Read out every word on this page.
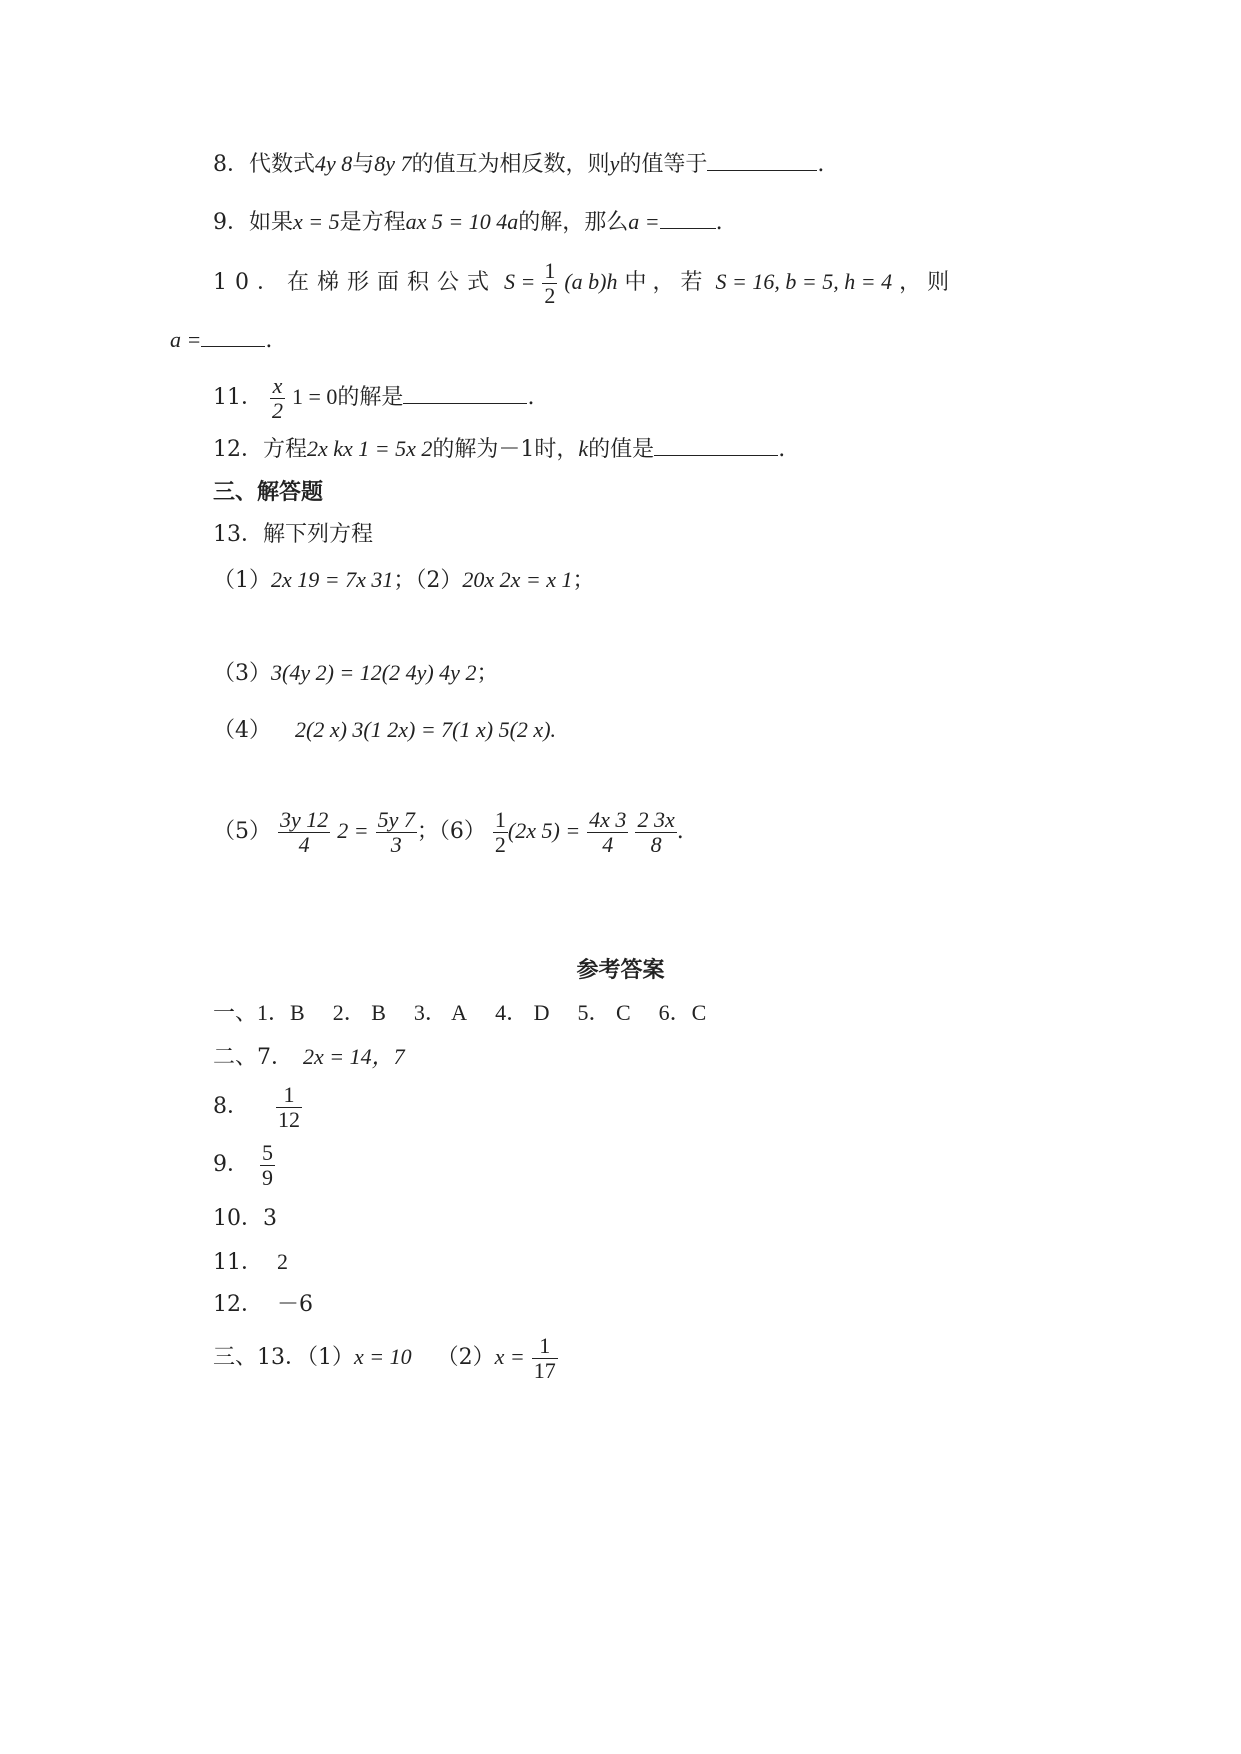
8．代数式4y 8与8y 7的值互为相反数，则y的值等于	.
9．如果x = 5是方程ax 5 = 10 4a的解，那么a =	.
10．在梯形面积公式 $S = \frac{1}{2} (a$ b)h 中，若 S = 16, b = 5, h = 4 ，则
a =	.
11． $\frac{x}{2} 1 = 0$的解是	.
12．方程2x kx 1 = 5x 2的解为－1时，k的值是	.
三、解答题
13．解下列方程
（1）2x 19 = 7x 31；（2）20x 2x = x 1；
（3）3(4y 2) = 12(2 4y) 4y 2；
（4） 2(2 x) 3(1 2x) = 7(1 x) 5(2 x).
$(5) \frac{3y 12}{4} 2 = \frac{5y 7}{3}$ ；$(6) \frac{1}{2} (2x$ $5) = \frac{4x 3}{4}$
$\frac{2 3x}{8}$ .
参考答案
一、1．B 2． B 3． A 4． D 5． C 6．C
二、7． 2x = 14，7
8． $\frac{1}{12}$
9． $\frac{5}{9}$
10．3
11． 2
12． －6
三、13．（1）x = 10 $(2)x = \frac{1}{17}$
